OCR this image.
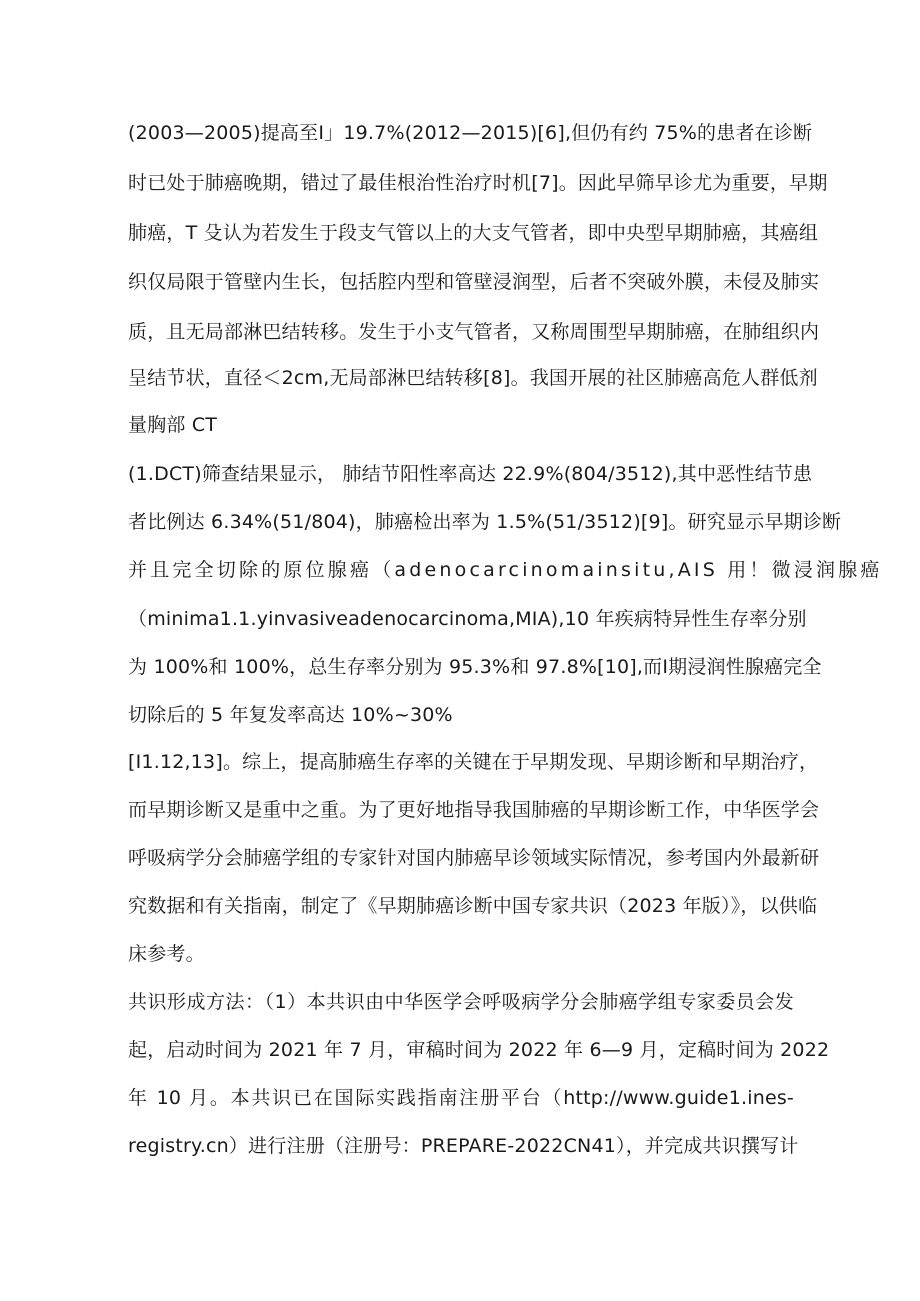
(2003—2005)提高至Ⅰ」19.7%(2012—2015)[6],但仍有约 75%的患者在诊断
时已处于肺癌晚期，错过了最佳根治性治疗时机[7]。因此早筛早诊尤为重要，早期
肺癌，Τ 殳认为若发生于段支气管以上的大支气管者，即中央型早期肺癌，其癌组
织仅局限于管壁内生长，包括腔内型和管壁浸润型，后者不突破外膜，未侵及肺实
质，且无局部淋巴结转移。发生于小支气管者，又称周围型早期肺癌，在肺组织内
呈结节状，直径＜2cm,无局部淋巴结转移[8]。我国开展的社区肺癌高危人群低剂
量胸部 CT
(1.DCT)筛查结果显示， 肺结节阳性率高达 22.9%(804/3512),其中恶性结节患
者比例达 6.34%(51/804)，肺癌检出率为 1.5%(51/3512)[9]。研究显示早期诊断
并且完全切除的原位腺癌（adenocarcinomainsitu,AIS 用！微浸润腺癌
（minima1.1.yinvasiveadenocarcinoma,MIA),10 年疾病特异性生存率分别
为 100%和 100%，总生存率分别为 95.3%和 97.8%[10],而Ⅰ期浸润性腺癌完全
切除后的 5 年复发率高达 10%~30%
[I1.12,13]。综上，提高肺癌生存率的关键在于早期发现、早期诊断和早期治疗，
而早期诊断又是重中之重。为了更好地指导我国肺癌的早期诊断工作，中华医学会
呼吸病学分会肺癌学组的专家针对国内肺癌早诊领域实际情况，参考国内外最新研
究数据和有关指南，制定了《早期肺癌诊断中国专家共识（2023 年版）》，以供临
床参考。
共识形成方法：（1）本共识由中华医学会呼吸病学分会肺癌学组专家委员会发
起，启动时间为 2021 年 7 月，审稿时间为 2022 年 6—9 月，定稿时间为 2022
年 10 月。本共识已在国际实践指南注册平台（http://www.guide1.ines-
registry.cn）进行注册（注册号：PREPARE-2022CN41），并完成共识撰写计
